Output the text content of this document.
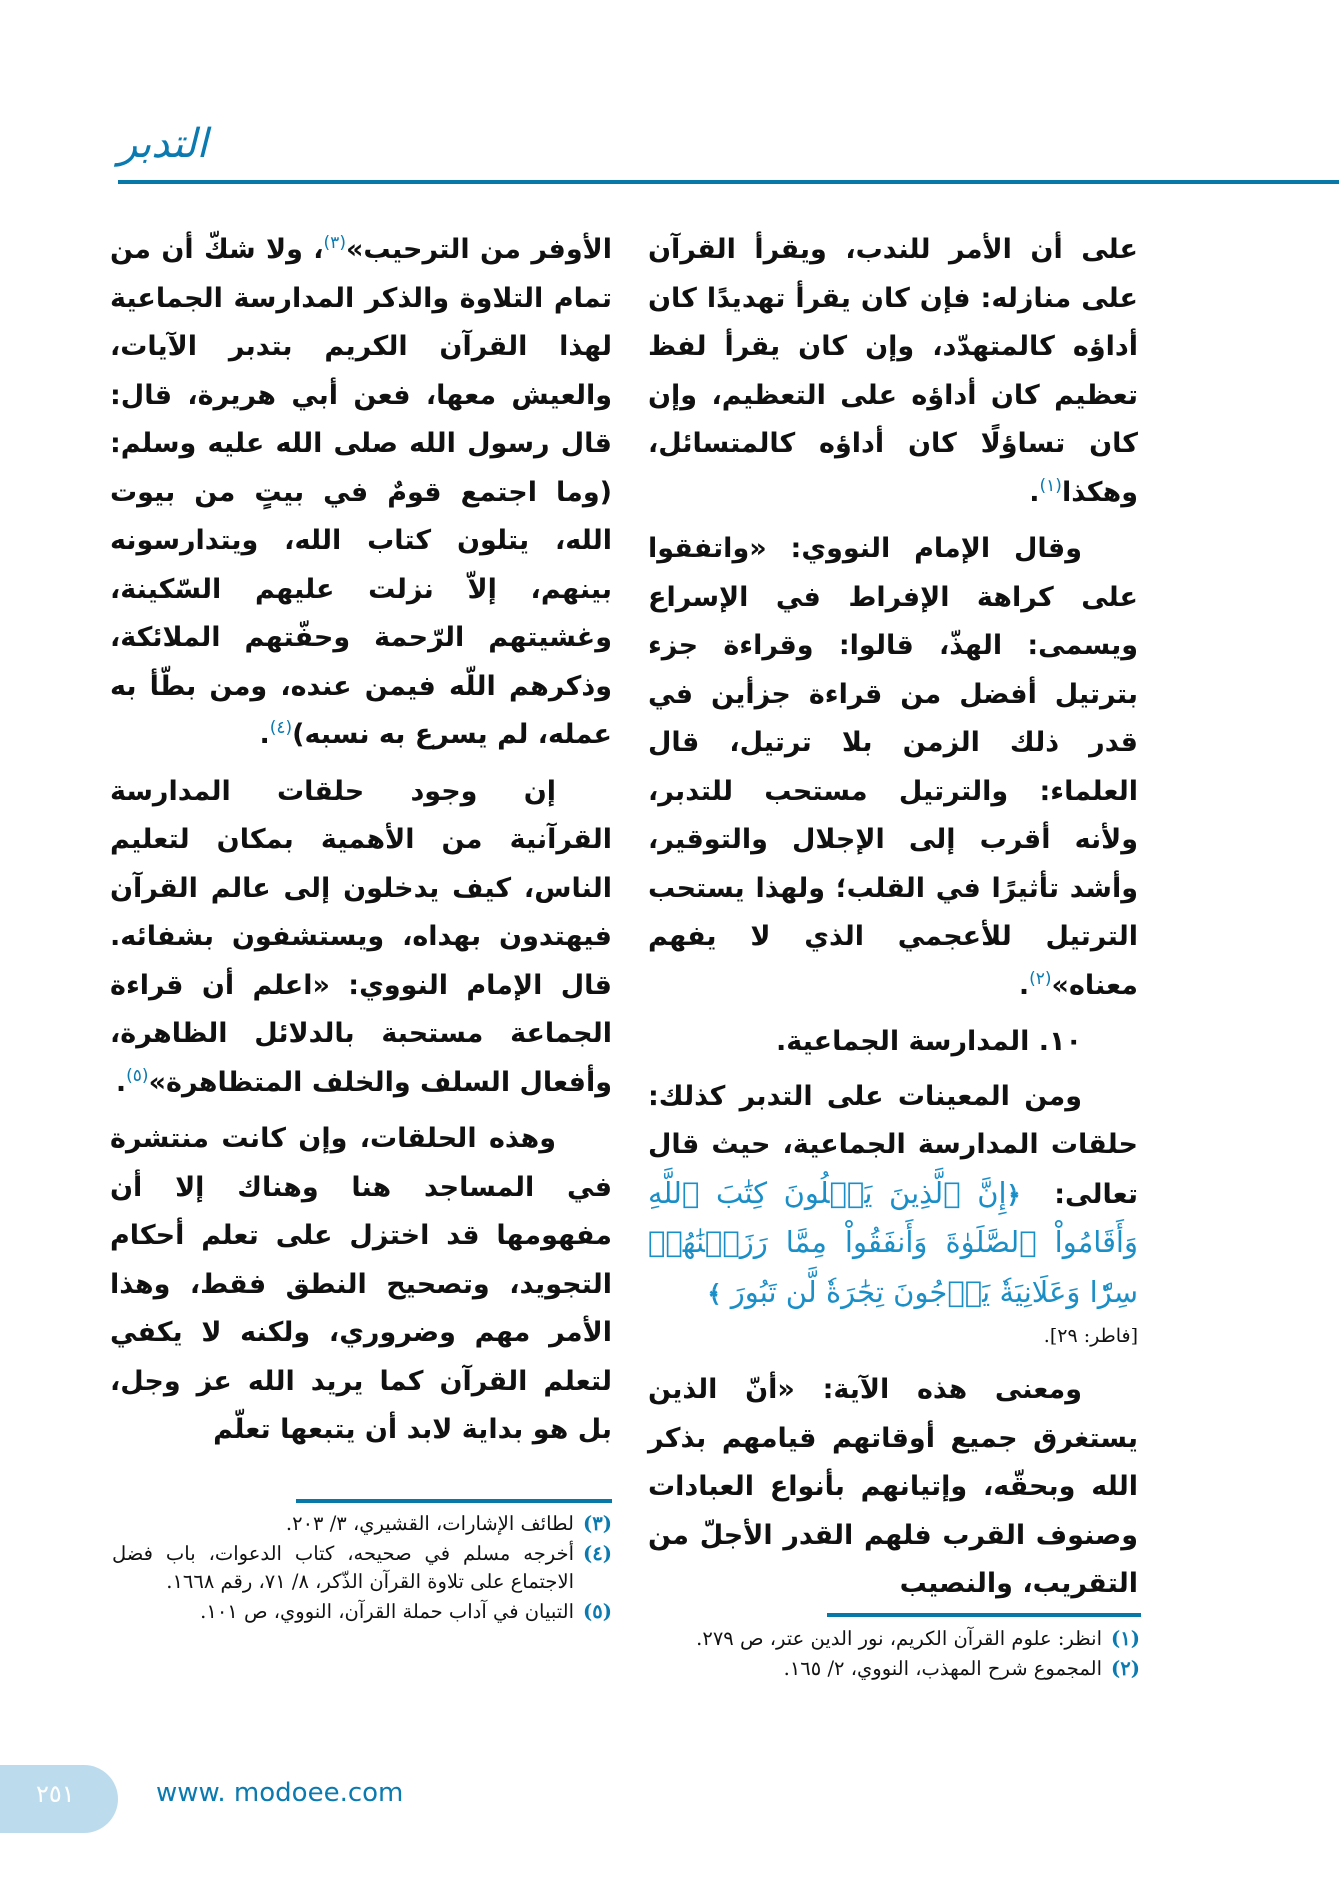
التدبر

على أن الأمر للندب، ويقرأ القرآن على منازله: فإن كان يقرأ تهديدًا كان أداؤه كالمتهدّد، وإن كان يقرأ لفظ تعظيم كان أداؤه على التعظيم، وإن كان تساؤلًا كان أداؤه كالمتسائل، وهكذا$^{(١)}$.

وقال الإمام النووي: «واتفقوا على كراهة الإفراط في الإسراع ويسمى: الهذّ، قالوا: وقراءة جزء بترتيل أفضل من قراءة جزأين في قدر ذلك الزمن بلا ترتيل، قال العلماء: والترتيل مستحب للتدبر، ولأنه أقرب إلى الإجلال والتوقير، وأشد تأثيرًا في القلب؛ ولهذا يستحب الترتيل للأعجمي الذي لا يفهم معناه»$^{(٢)}$.

١٠. المدارسة الجماعية.

ومن المعينات على التدبر كذلك: حلقات المدارسة الجماعية، حيث قال تعالى:  ﴿إِنَّ ٱلَّذِينَ يَتۡلُونَ كِتَٰبَ ٱللَّهِ وَأَقَامُواْ ٱلصَّلَوٰةَ وَأَنفَقُواْ مِمَّا رَزَقۡنَٰهُمۡ سِرّٗا وَعَلَانِيَةٗ يَرۡجُونَ تِجَٰرَةٗ لَّن تَبُورَ ﴾

[فاطر: ٢٩].

ومعنى هذه الآية: «أنّ الذين يستغرق جميع أوقاتهم قيامهم بذكر الله وبحقّه، وإتيانهم بأنواع العبادات وصنوف القرب فلهم القدر الأجلّ من التقريب، والنصيب

الأوفر من الترحيب»$^{(٣)}$، ولا شكّ أن من تمام التلاوة والذكر المدارسة الجماعية لهذا القرآن الكريم بتدبر الآيات، والعيش معها، فعن أبي هريرة، قال: قال رسول الله صلى الله عليه وسلم: (وما اجتمع قومٌ في بيتٍ من بيوت الله، يتلون كتاب الله، ويتدارسونه بينهم، إلاّ نزلت عليهم السّكينة، وغشيتهم الرّحمة وحفّتهم الملائكة، وذكرهم اللّه فيمن عنده، ومن بطّأ به عمله، لم يسرع به نسبه)$^{(٤)}$.

إن وجود حلقات المدارسة القرآنية من الأهمية بمكان لتعليم الناس، كيف يدخلون إلى عالم القرآن فيهتدون بهداه، ويستشفون بشفائه. قال الإمام النووي: «اعلم أن قراءة الجماعة مستحبة بالدلائل الظاهرة، وأفعال السلف والخلف المتظاهرة»$^{(٥)}$.

وهذه الحلقات، وإن كانت منتشرة في المساجد هنا وهناك إلا أن مفهومها قد اختزل على تعلم أحكام التجويد، وتصحيح النطق فقط، وهذا الأمر مهم وضروري، ولكنه لا يكفي لتعلم القرآن كما يريد الله عز وجل، بل هو بداية لابد أن يتبعها تعلّم

(٣)
لطائف الإشارات، القشيري، ٣/ ٢٠٣.
(٤)
أخرجه مسلم في صحيحه، كتاب الدعوات، باب فضل الاجتماع على تلاوة القرآن الذّكر، ٨/ ٧١، رقم ١٦٦٨.
(٥)
التبيان في آداب حملة القرآن، النووي، ص ١٠١.
(١)
انظر: علوم القرآن الكريم، نور الدين عتر، ص ٢٧٩.
(٢)
المجموع شرح المهذب، النووي، ٢/ ١٦٥.
٢٥١	www. modoee.com
